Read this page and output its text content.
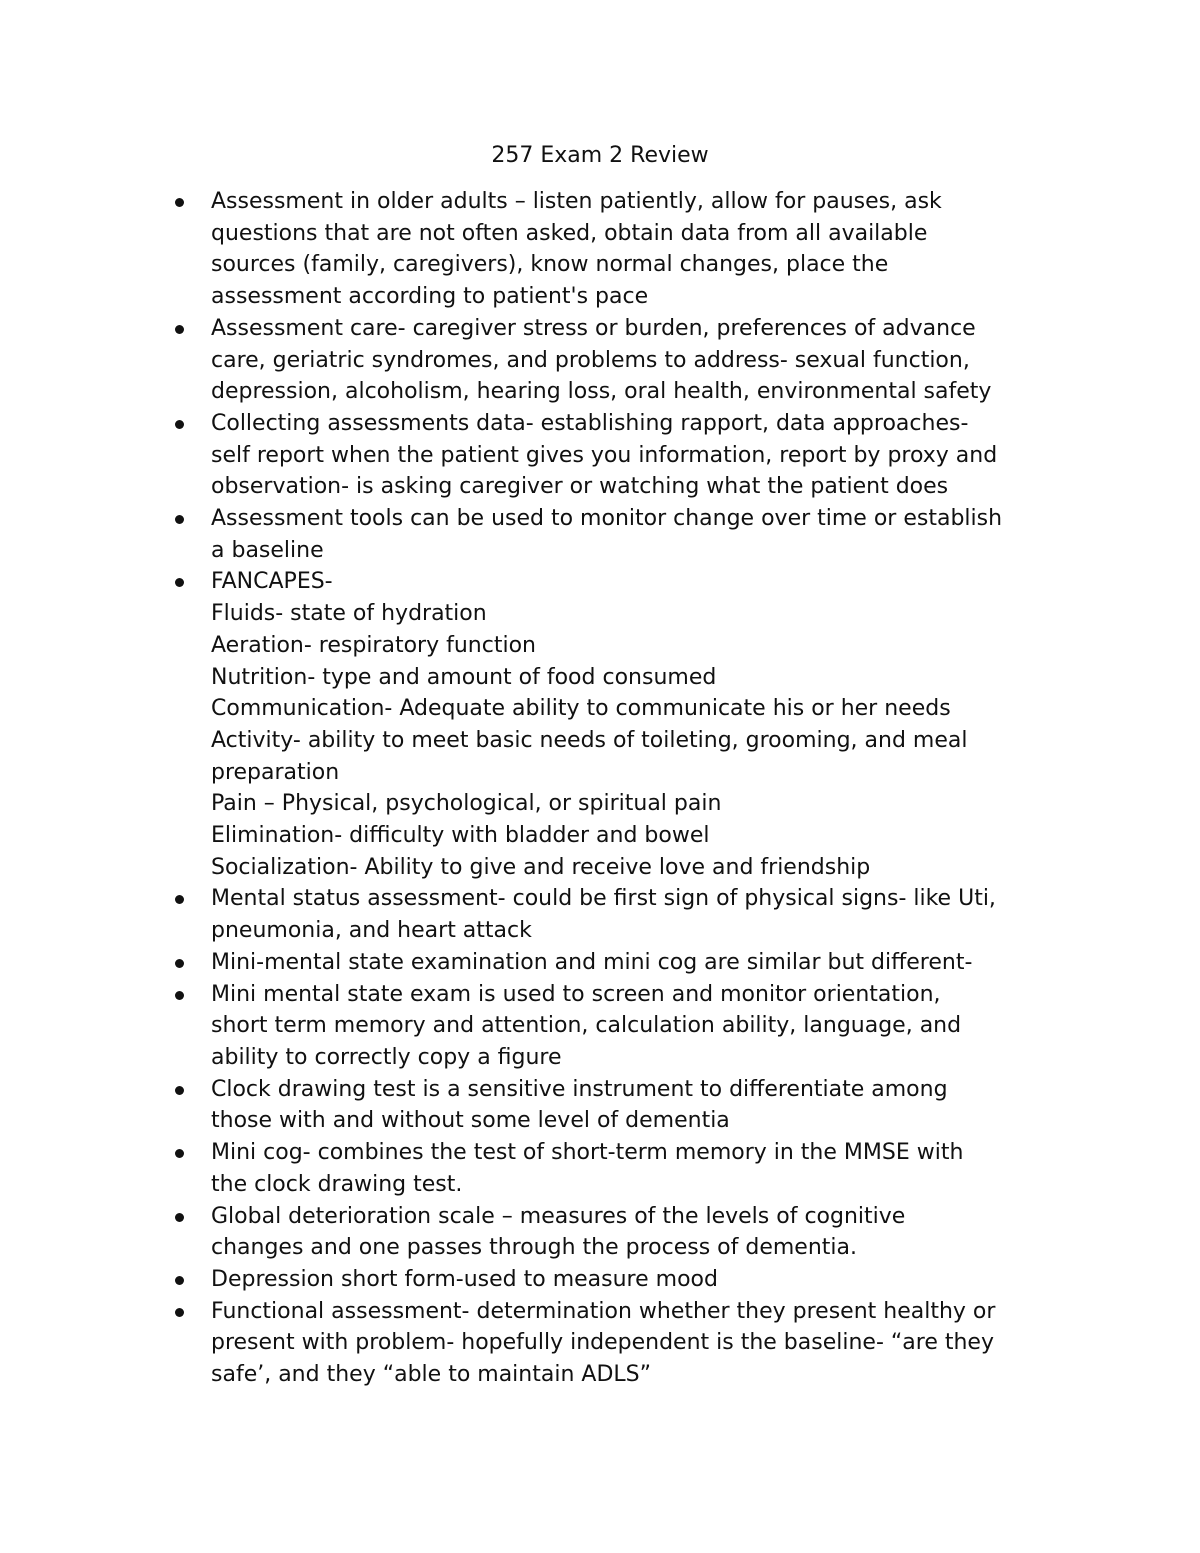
257 Exam 2 Review
Assessment in older adults – listen patiently, allow for pauses, ask
questions that are not often asked, obtain data from all available
sources (family, caregivers), know normal changes, place the
assessment according to patient's pace
Assessment care- caregiver stress or burden, preferences of advance
care, geriatric syndromes, and problems to address- sexual function,
depression, alcoholism, hearing loss, oral health, environmental safety
Collecting assessments data- establishing rapport, data approaches-
self report when the patient gives you information, report by proxy and
observation- is asking caregiver or watching what the patient does
Assessment tools can be used to monitor change over time or establish
a baseline
FANCAPES-
Fluids- state of hydration
Aeration- respiratory function
Nutrition- type and amount of food consumed
Communication- Adequate ability to communicate his or her needs
Activity- ability to meet basic needs of toileting, grooming, and meal
preparation
Pain – Physical, psychological, or spiritual pain
Elimination- difficulty with bladder and bowel
Socialization- Ability to give and receive love and friendship
Mental status assessment- could be first sign of physical signs- like Uti,
pneumonia, and heart attack
Mini-mental state examination and mini cog are similar but different-
Mini mental state exam is used to screen and monitor orientation,
short term memory and attention, calculation ability, language, and
ability to correctly copy a figure
Clock drawing test is a sensitive instrument to differentiate among
those with and without some level of dementia
Mini cog- combines the test of short-term memory in the MMSE with
the clock drawing test.
Global deterioration scale – measures of the levels of cognitive
changes and one passes through the process of dementia.
Depression short form-used to measure mood
Functional assessment- determination whether they present healthy or
present with problem- hopefully independent is the baseline- “are they
safe’, and they “able to maintain ADLS”
